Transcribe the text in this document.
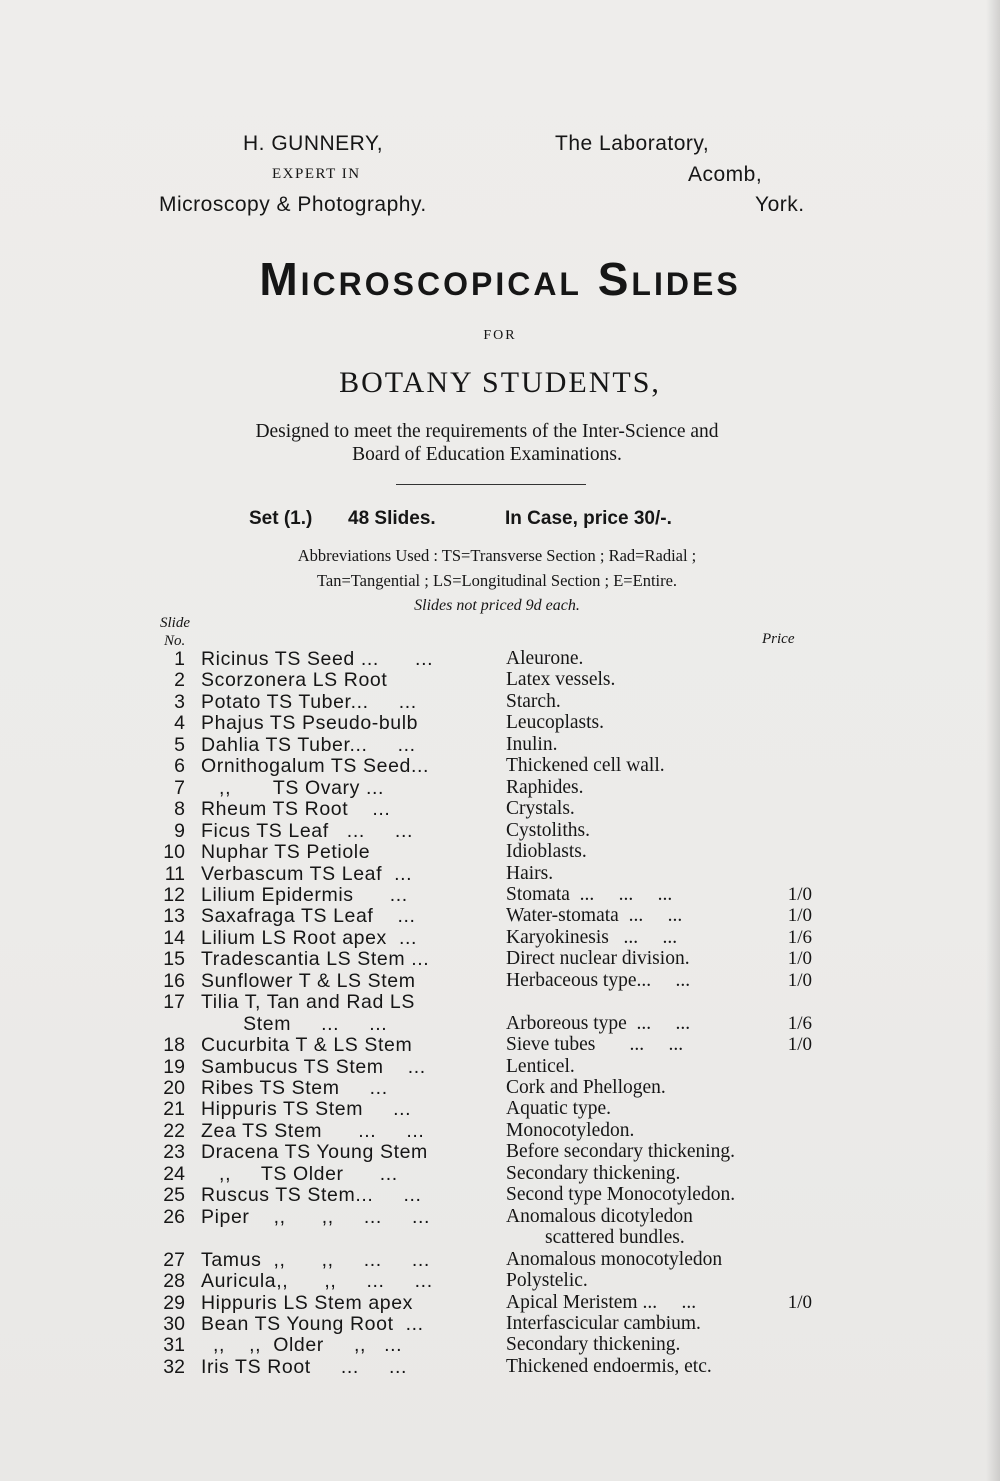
H. GUNNERY,
EXPERT IN
Microscopy & Photography.
The Laboratory,
Acomb,
York.
Microscopical Slides
FOR
BOTANY STUDENTS,
Designed to meet the requirements of the Inter-Science and
Board of Education Examinations.
Set (1.) 48 Slides.	In Case, price 30/-.
Abbreviations Used : TS=Transverse Section ; Rad=Radial ;
Tan=Tangential ; LS=Longitudinal Section ; E=Entire.
Slides not priced 9d each.
Slide
No.	Price
1 Ricinus TS Seed ...      ...	Aleurone.
2 Scorzonera LS Root	Latex vessels.
3 Potato TS Tuber...     ...	Starch.
4 Phajus TS Pseudo-bulb	Leucoplasts.
5 Dahlia TS Tuber...     ...	Inulin.
6 Ornithogalum TS Seed...	Thickened cell wall.
7 ,,       TS Ovary ...	Raphides.
8 Rheum TS Root    ...	Crystals.
9 Ficus TS Leaf   ...     ...	Cystoliths.
10 Nuphar TS Petiole	Idioblasts.
11 Verbascum TS Leaf  ...	Hairs.
12 Lilium Epidermis      ...	Stomata  ...     ...     ...	1/0
13 Saxafraga TS Leaf    ...	Water-stomata  ...     ...	1/0
14 Lilium LS Root apex  ...	Karyokinesis   ...     ...	1/6
15 Tradescantia LS Stem ...	Direct nuclear division.	1/0
16 Sunflower T & LS Stem	Herbaceous type...     ...	1/0
17 Tilia T, Tan and Rad LS
Stem     ...     ...	Arboreous type  ...     ...	1/6
18 Cucurbita T & LS Stem	Sieve tubes       ...     ...	1/0
19 Sambucus TS Stem    ...	Lenticel.
20 Ribes TS Stem     ...	Cork and Phellogen.
21 Hippuris TS Stem     ...	Aquatic type.
22 Zea TS Stem      ...     ...	Monocotyledon.
23 Dracena TS Young Stem	Before secondary thickening.
24 ,,     TS Older      ...	Secondary thickening.
25 Ruscus TS Stem...     ...	Second type Monocotyledon.
26 Piper    ,,      ,,     ...     ...	Anomalous dicotyledon
scattered bundles.
27 Tamus  ,,      ,,     ...     ...	Anomalous monocotyledon
28 Auricula,,      ,,     ...     ...	Polystelic.
29 Hippuris LS Stem apex	Apical Meristem ...     ...	1/0
30 Bean TS Young Root  ...	Interfascicular cambium.
31 ,,    ,,  Older     ,,   ...	Secondary thickening.
32 Iris TS Root     ...     ...	Thickened endoermis, etc.
